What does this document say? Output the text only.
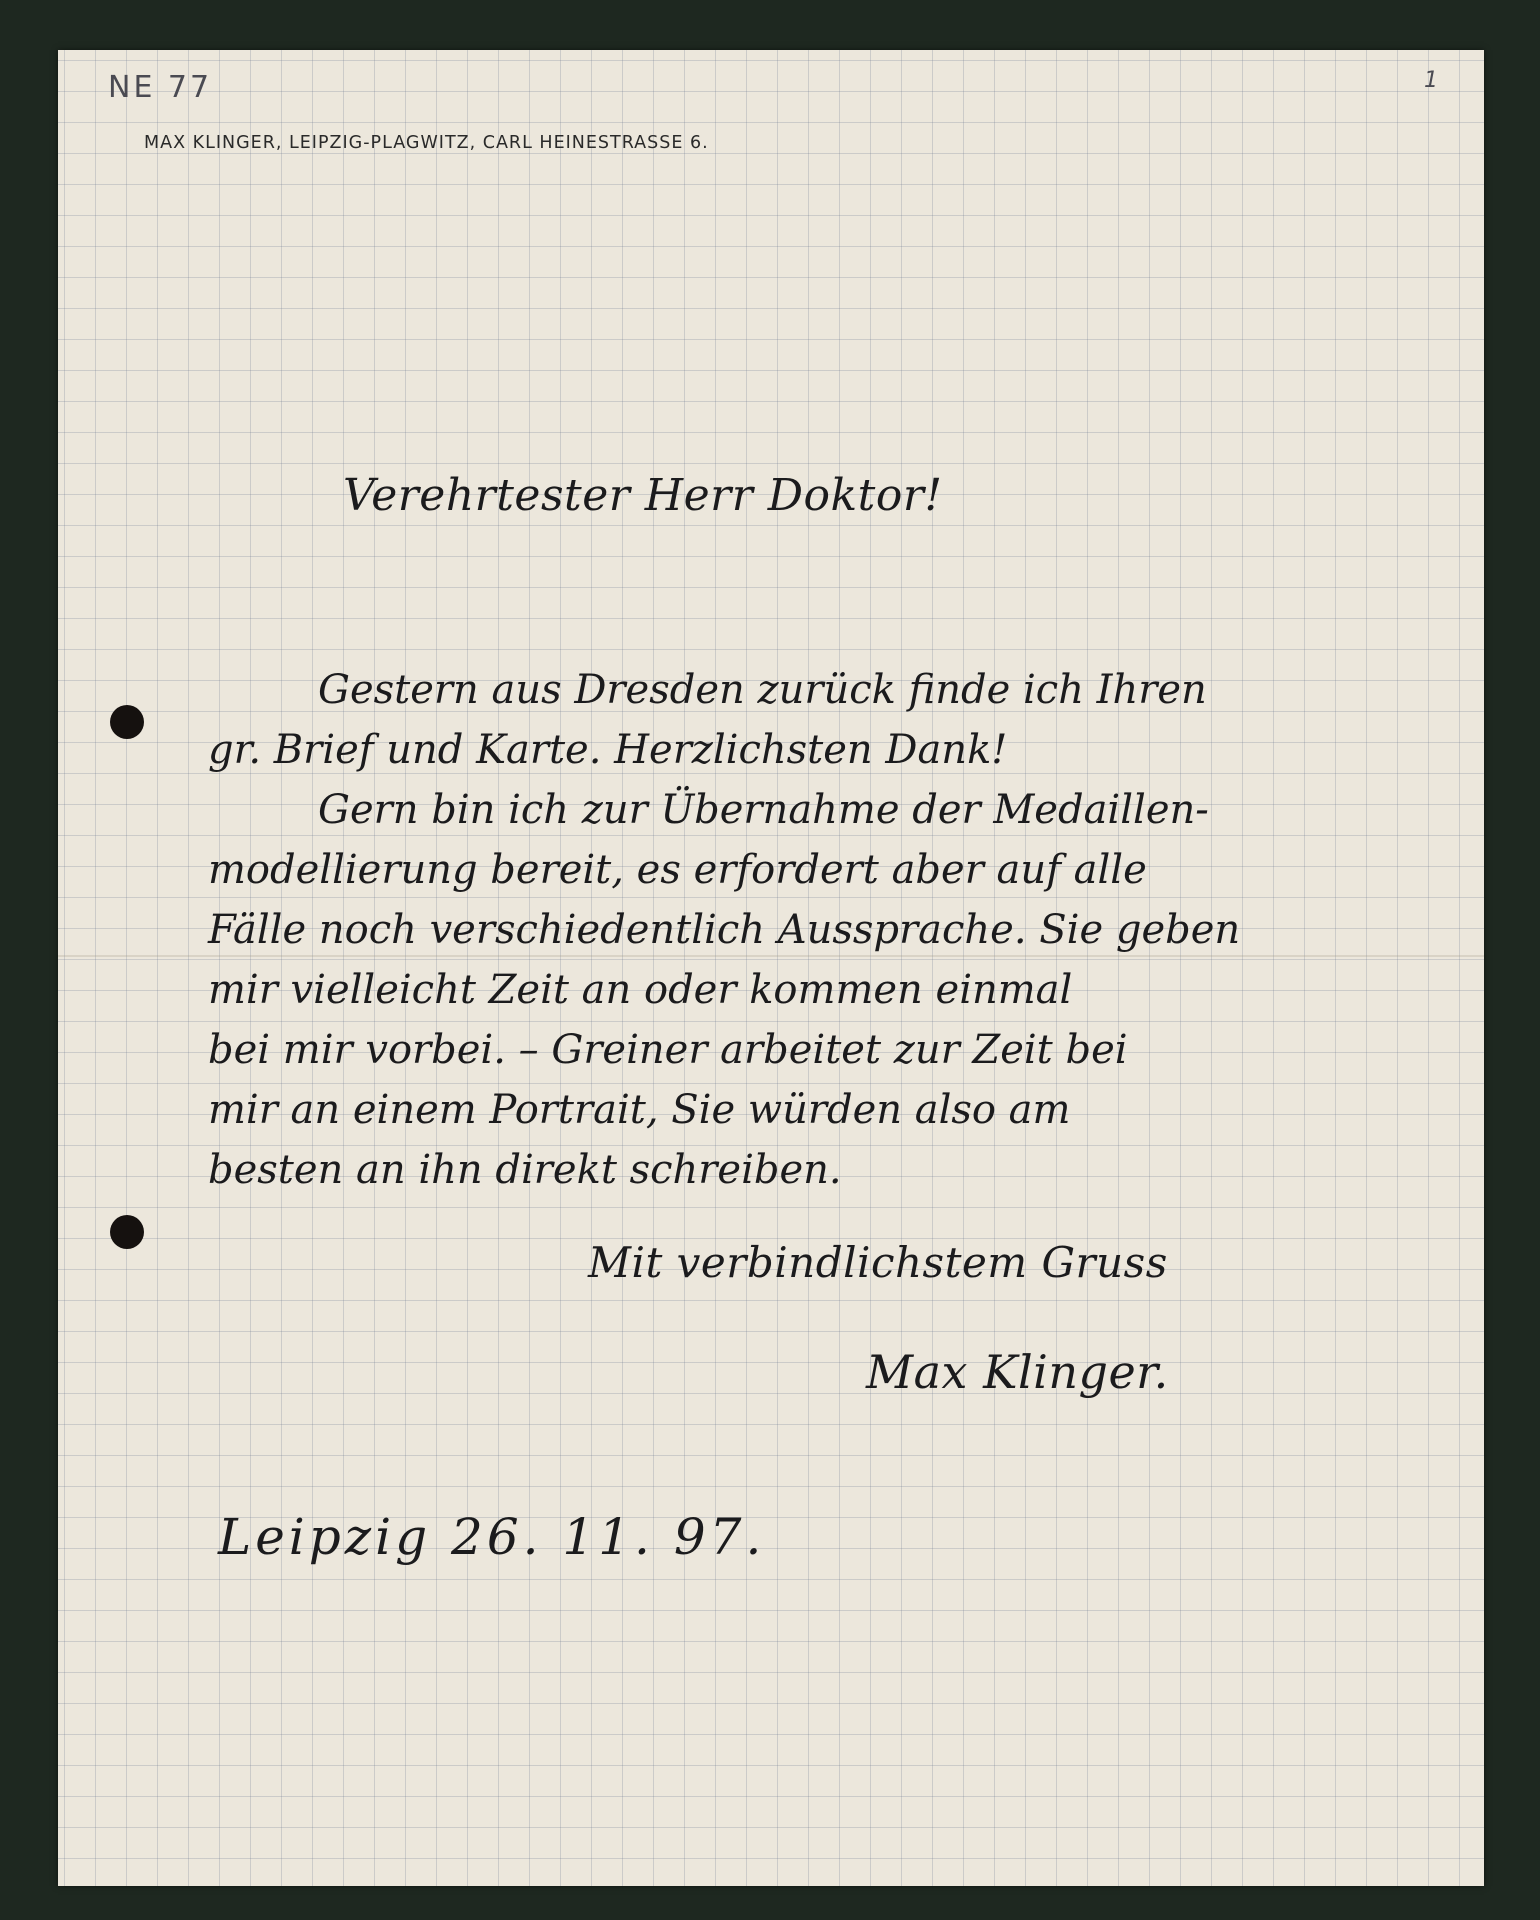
NE 77	1
MAX KLINGER, LEIPZIG-PLAGWITZ, CARL HEINESTRASSE 6.
Verehrtester Herr Doktor!
Gestern aus Dresden zurück finde ich Ihren
gr. Brief und Karte. Herzlichsten Dank!
Gern bin ich zur Übernahme der Medaillen-
modellierung bereit, es erfordert aber auf alle
Fälle noch verschiedentlich Aussprache. Sie geben
mir vielleicht Zeit an oder kommen einmal
bei mir vorbei. – Greiner arbeitet zur Zeit bei
mir an einem Portrait, Sie würden also am
besten an ihn direkt schreiben.
Mit verbindlichstem Gruss
Max Klinger.
Leipzig 26. 11. 97.
